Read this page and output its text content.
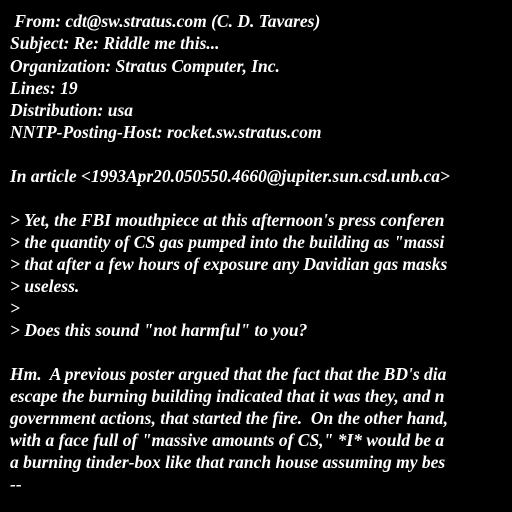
From: cdt@sw.stratus.com (C. D. Tavares)
Subject: Re: Riddle me this...
Organization: Stratus Computer, Inc.
Lines: 19
Distribution: usa
NNTP-Posting-Host: rocket.sw.stratus.com
In article <1993Apr20.050550.4660@jupiter.sun.csd.unb.ca>
> Yet, the FBI mouthpiece at this afternoon's press conferen
> the quantity of CS gas pumped into the building as "massi
> that after a few hours of exposure any Davidian gas masks
> useless.
>
> Does this sound "not harmful" to you?
Hm.  A previous poster argued that the fact that the BD's dia
escape the burning building indicated that it was they, and n
government actions, that started the fire.  On the other hand,
with a face full of "massive amounts of CS," *I* would be a
a burning tinder-box like that ranch house assuming my bes
--
